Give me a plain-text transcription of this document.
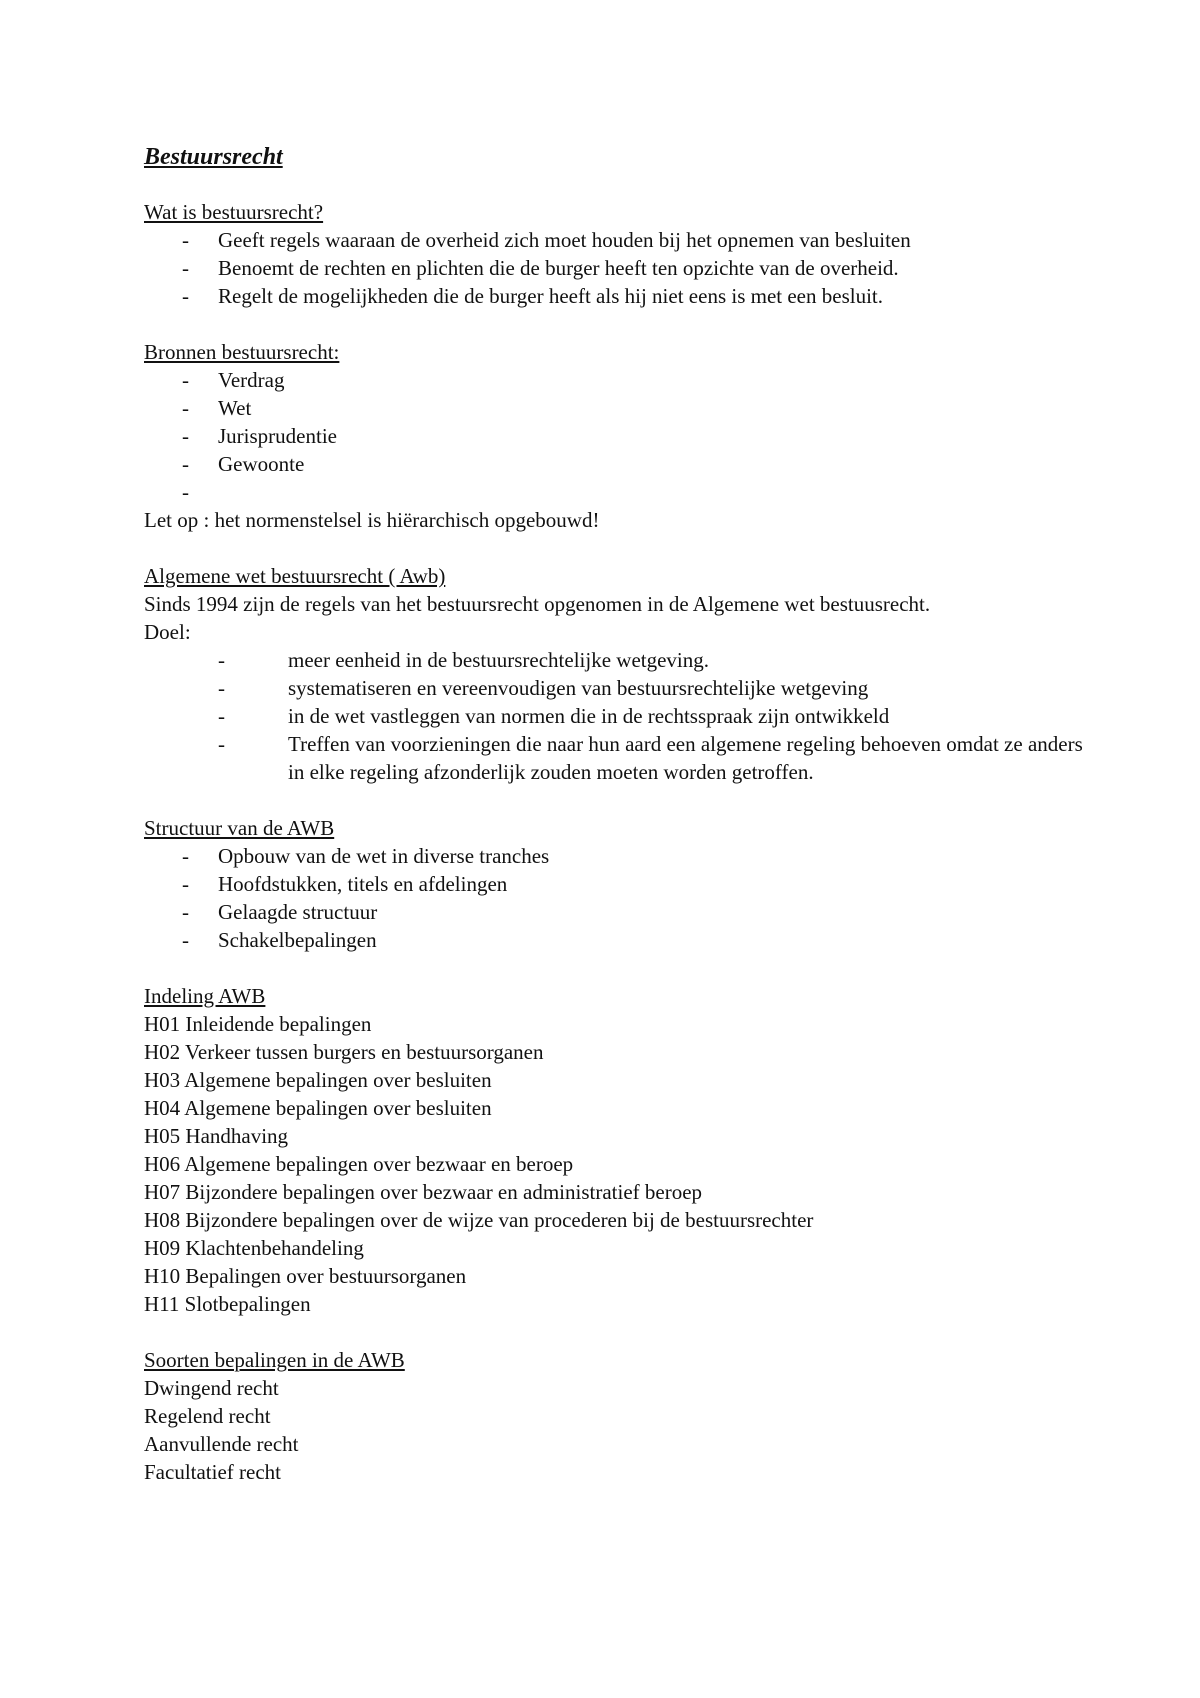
Bestuursrecht
Wat is bestuursrecht?
- Geeft regels waaraan de overheid zich moet houden bij het opnemen van besluiten
- Benoemt de rechten en plichten die de burger heeft ten opzichte van de overheid.
- Regelt de mogelijkheden die de burger heeft als hij niet eens is met een besluit.
Bronnen bestuursrecht:
- Verdrag
- Wet
- Jurisprudentie
- Gewoonte
-

Let op : het normenstelsel is hiërarchisch opgebouwd!

Algemene wet bestuursrecht ( Awb)

Sinds 1994 zijn de regels van het bestuursrecht opgenomen in de Algemene wet bestuusrecht.

Doel:

-	meer eenheid in de bestuursrechtelijke wetgeving.
-	systematiseren en vereenvoudigen van bestuursrechtelijke wetgeving
-	in de wet vastleggen van normen die in de rechtsspraak zijn ontwikkeld
-	Treffen van voorzieningen die naar hun aard een algemene regeling behoeven omdat ze anders in elke regeling afzonderlijk zouden moeten worden getroffen.
Structuur van de AWB
- Opbouw van de wet in diverse tranches
- Hoofdstukken, titels en afdelingen
- Gelaagde structuur
- Schakelbepalingen
Indeling AWB

H01 Inleidende bepalingen

H02 Verkeer tussen burgers en bestuursorganen

H03 Algemene bepalingen over besluiten

H04 Algemene bepalingen over besluiten

H05 Handhaving

H06 Algemene bepalingen over bezwaar en beroep

H07 Bijzondere bepalingen over bezwaar en administratief beroep

H08 Bijzondere bepalingen over de wijze van procederen bij de bestuursrechter

H09 Klachtenbehandeling

H10 Bepalingen over bestuursorganen

H11 Slotbepalingen

Soorten bepalingen in de AWB

Dwingend recht

Regelend recht

Aanvullende recht

Facultatief recht
